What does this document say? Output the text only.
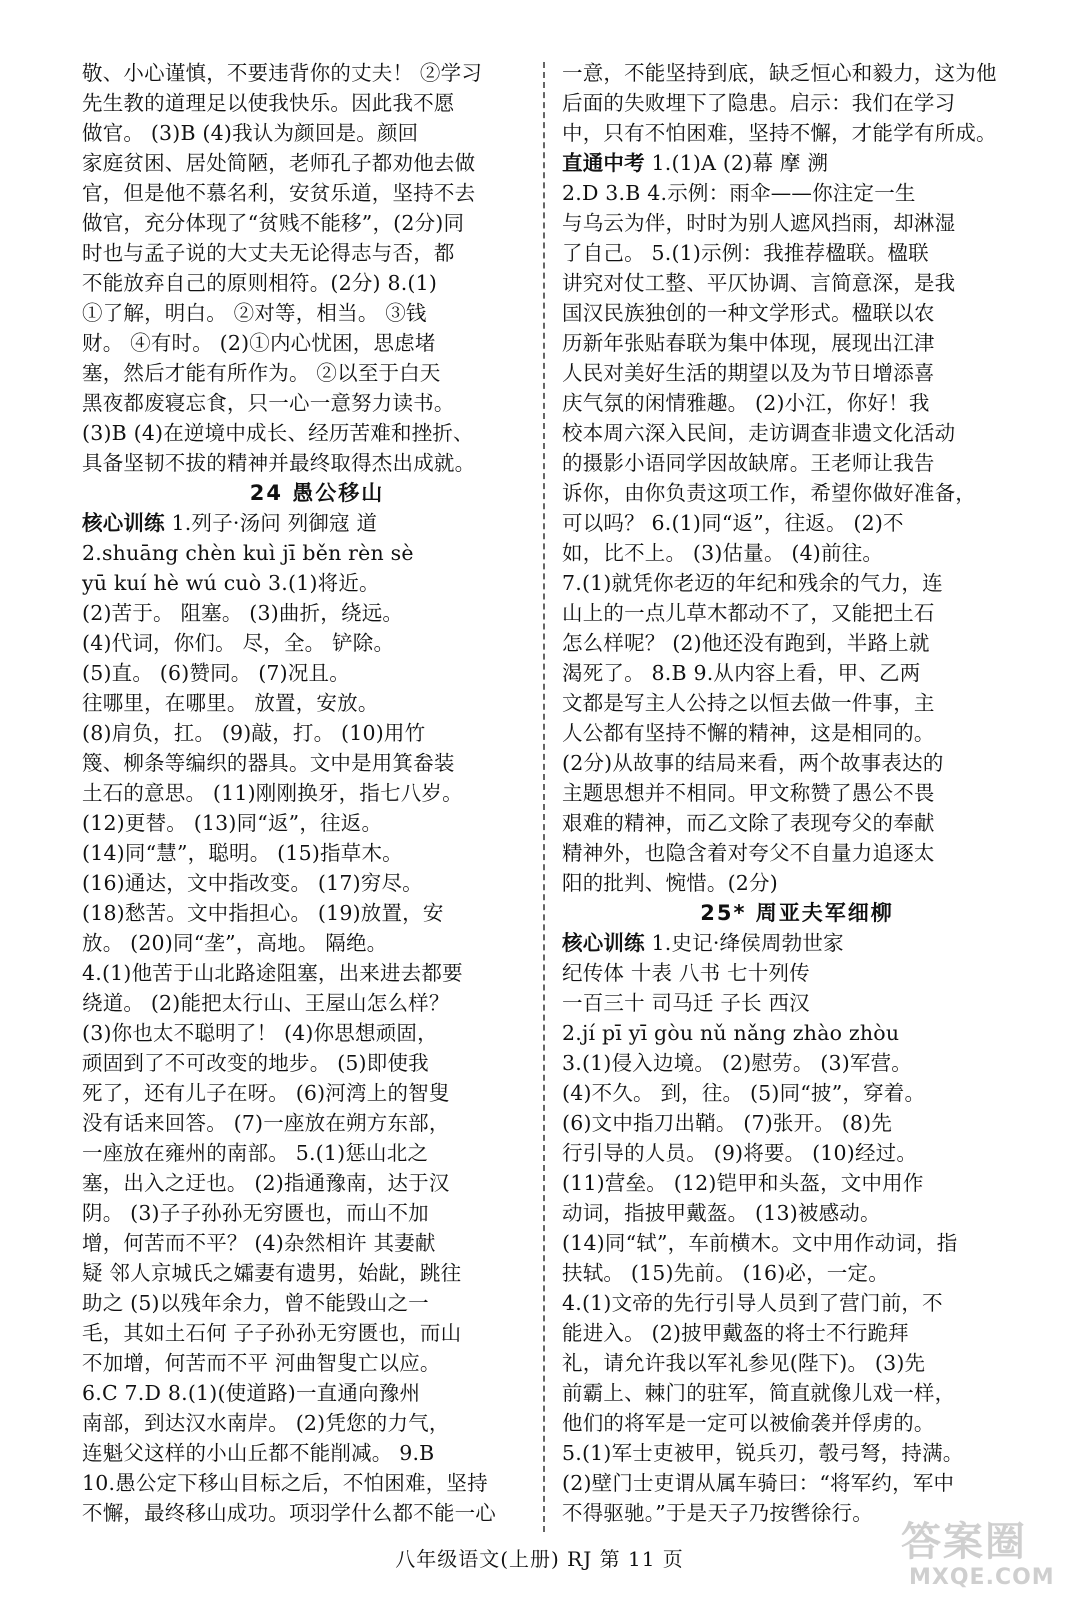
敬、小心谨慎，不要违背你的丈夫！ ②学习
先生教的道理足以使我快乐。因此我不愿
做官。 (3)B (4)我认为颜回是。颜回
家庭贫困、居处简陋，老师孔子都劝他去做
官，但是他不慕名利，安贫乐道，坚持不去
做官，充分体现了“贫贱不能移”，(2分)同
时也与孟子说的大丈夫无论得志与否，都
不能放弃自己的原则相符。(2分) 8.(1)
①了解，明白。 ②对等，相当。 ③钱
财。 ④有时。 (2)①内心忧困，思虑堵
塞，然后才能有所作为。 ②以至于白天
黑夜都废寝忘食，只一心一意努力读书。
(3)B (4)在逆境中成长、经历苦难和挫折、
具备坚韧不拔的精神并最终取得杰出成就。
24 愚公移山
核心训练 1.列子·汤问 列御寇 道
2.shuāng chèn kuì jī běn rèn sè
yū kuí hè wú cuò 3.(1)将近。
(2)苦于。 阻塞。 (3)曲折，绕远。
(4)代词，你们。 尽，全。 铲除。
(5)直。 (6)赞同。 (7)况且。
往哪里，在哪里。 放置，安放。
(8)肩负，扛。 (9)敲，打。 (10)用竹
篾、柳条等编织的器具。文中是用箕畚装
土石的意思。 (11)刚刚换牙，指七八岁。
(12)更替。 (13)同“返”，往返。
(14)同“慧”，聪明。 (15)指草木。
(16)通达，文中指改变。 (17)穷尽。
(18)愁苦。文中指担心。 (19)放置，安
放。 (20)同“垄”，高地。 隔绝。
4.(1)他苦于山北路途阻塞，出来进去都要
绕道。 (2)能把太行山、王屋山怎么样？
(3)你也太不聪明了！ (4)你思想顽固，
顽固到了不可改变的地步。 (5)即使我
死了，还有儿子在呀。 (6)河湾上的智叟
没有话来回答。 (7)一座放在朔方东部，
一座放在雍州的南部。 5.(1)惩山北之
塞，出入之迂也。 (2)指通豫南，达于汉
阴。 (3)子子孙孙无穷匮也，而山不加
增，何苦而不平？ (4)杂然相许 其妻献
疑 邻人京城氏之孀妻有遗男，始龀，跳往
助之 (5)以残年余力，曾不能毁山之一
毛，其如土石何 子子孙孙无穷匮也，而山
不加增，何苦而不平 河曲智叟亡以应。
6.C 7.D 8.(1)(使道路)一直通向豫州
南部，到达汉水南岸。 (2)凭您的力气，
连魁父这样的小山丘都不能削减。 9.B
10.愚公定下移山目标之后，不怕困难，坚持
不懈，最终移山成功。项羽学什么都不能一心
一意，不能坚持到底，缺乏恒心和毅力，这为他
后面的失败埋下了隐患。启示：我们在学习
中，只有不怕困难，坚持不懈，才能学有所成。
直通中考 1.(1)A (2)幕 摩 溯
2.D 3.B 4.示例：雨伞——你注定一生
与乌云为伴，时时为别人遮风挡雨，却淋湿
了自己。 5.(1)示例：我推荐楹联。楹联
讲究对仗工整、平仄协调、言简意深，是我
国汉民族独创的一种文学形式。楹联以农
历新年张贴春联为集中体现，展现出江津
人民对美好生活的期望以及为节日增添喜
庆气氛的闲情雅趣。 (2)小江，你好！我
校本周六深入民间，走访调查非遗文化活动
的摄影小语同学因故缺席。王老师让我告
诉你，由你负责这项工作，希望你做好准备，
可以吗？ 6.(1)同“返”，往返。 (2)不
如，比不上。 (3)估量。 (4)前往。
7.(1)就凭你老迈的年纪和残余的气力，连
山上的一点儿草木都动不了，又能把土石
怎么样呢？ (2)他还没有跑到，半路上就
渴死了。 8.B 9.从内容上看，甲、乙两
文都是写主人公持之以恒去做一件事，主
人公都有坚持不懈的精神，这是相同的。
(2分)从故事的结局来看，两个故事表达的
主题思想并不相同。甲文称赞了愚公不畏
艰难的精神，而乙文除了表现夸父的奉献
精神外，也隐含着对夸父不自量力追逐太
阳的批判、惋惜。(2分)
25* 周亚夫军细柳
核心训练 1.史记·绛侯周勃世家
纪传体 十表 八书 七十列传
一百三十 司马迁 子长 西汉
2.jí pī yī gòu nǔ nǎng zhào zhòu
3.(1)侵入边境。 (2)慰劳。 (3)军营。
(4)不久。 到，往。 (5)同“披”，穿着。
(6)文中指刀出鞘。 (7)张开。 (8)先
行引导的人员。 (9)将要。 (10)经过。
(11)营垒。 (12)铠甲和头盔，文中用作
动词，指披甲戴盔。 (13)被感动。
(14)同“轼”，车前横木。文中用作动词，指
扶轼。 (15)先前。 (16)必，一定。
4.(1)文帝的先行引导人员到了营门前，不
能进入。 (2)披甲戴盔的将士不行跪拜
礼，请允许我以军礼参见(陛下)。 (3)先
前霸上、棘门的驻军，简直就像儿戏一样，
他们的将军是一定可以被偷袭并俘虏的。
5.(1)军士吏被甲，锐兵刃，彀弓弩，持满。
(2)壁门士吏谓从属车骑曰：“将军约，军中
不得驱驰。”于是天子乃按辔徐行。
八年级语文(上册) RJ 第 11 页	答案圈
MXQE.COM
